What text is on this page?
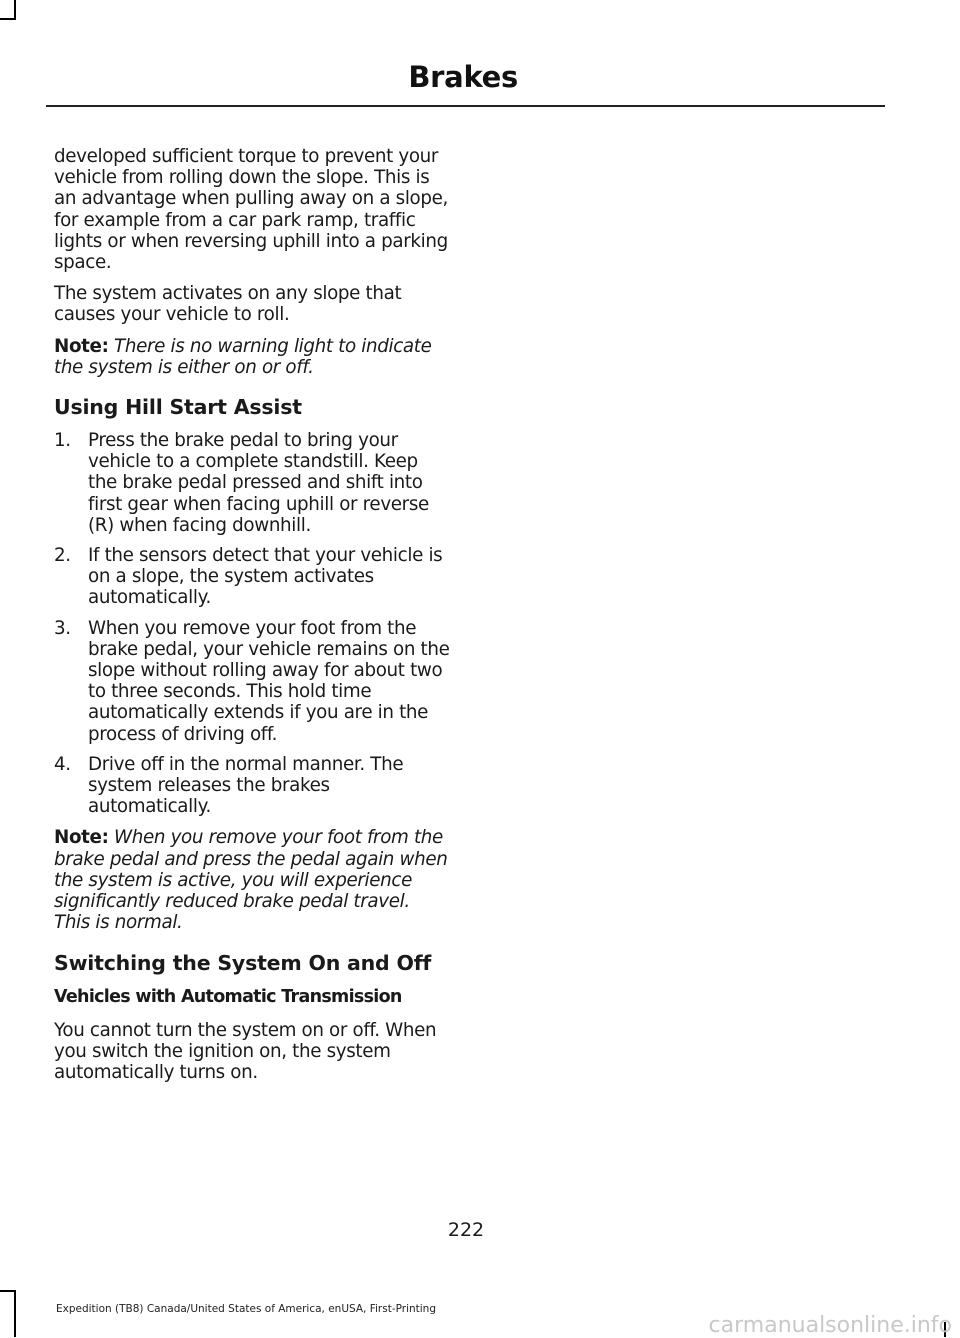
Brakes

developed sufficient torque to prevent your vehicle from rolling down the slope. This is an advantage when pulling away on a slope, for example from a car park ramp, traffic lights or when reversing uphill into a parking space.

The system activates on any slope that causes your vehicle to roll.

Note: There is no warning light to indicate the system is either on or off.

Using Hill Start Assist
1. Press the brake pedal to bring your vehicle to a complete standstill. Keep the brake pedal pressed and shift into first gear when facing uphill or reverse (R) when facing downhill.
2. If the sensors detect that your vehicle is on a slope, the system activates automatically.
3. When you remove your foot from the brake pedal, your vehicle remains on the slope without rolling away for about two to three seconds. This hold time automatically extends if you are in the process of driving off.
4. Drive off in the normal manner. The system releases the brakes automatically.

Note: When you remove your foot from the brake pedal and press the pedal again when the system is active, you will experience significantly reduced brake pedal travel. This is normal.

Switching the System On and Off
Vehicles with Automatic Transmission

You cannot turn the system on or off. When you switch the ignition on, the system automatically turns on.

222
Expedition (TB8) Canada/United States of America, enUSA, First-Printing
carmanualsonline.info
